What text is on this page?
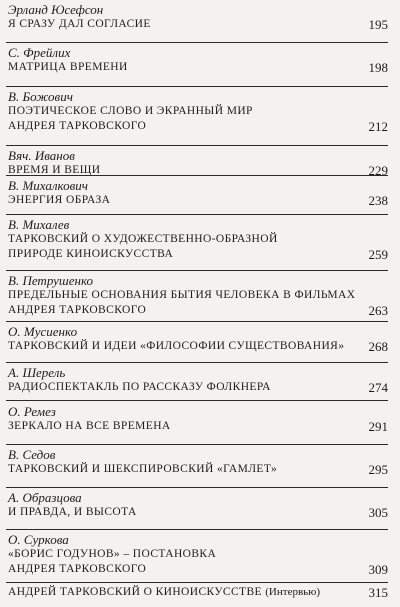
Эрланд Юсефсон
Я СРАЗУ ДАЛ СОГЛАСИЕ	195
С. Фрейлих
МАТРИЦА ВРЕМЕНИ	198
В. Божович
ПОЭТИЧЕСКОЕ СЛОВО И ЭКРАННЫЙ МИР
АНДРЕЯ ТАРКОВСКОГО	212
Вяч. Иванов
ВРЕМЯ И ВЕЩИ	229
В. Михалкович
ЭНЕРГИЯ ОБРАЗА	238
В. Михалев
ТАРКОВСКИЙ О ХУДОЖЕСТВЕННО-ОБРАЗНОЙ
ПРИРОДЕ КИНОИСКУССТВА	259
В. Петрушенко
ПРЕДЕЛЬНЫЕ ОСНОВАНИЯ БЫТИЯ ЧЕЛОВЕКА В ФИЛЬМАХ
АНДРЕЯ ТАРКОВСКОГО	263
О. Мусиенко
ТАРКОВСКИЙ И ИДЕИ «ФИЛОСОФИИ СУЩЕСТВОВАНИЯ»	268
А. Шерель
РАДИОСПЕКТАКЛЬ ПО РАССКАЗУ ФОЛКНЕРА	274
О. Ремез
ЗЕРКАЛО НА ВСЕ ВРЕМЕНА	291
В. Седов
ТАРКОВСКИЙ И ШЕКСПИРОВСКИЙ «ГАМЛЕТ»	295
А. Образцова
И ПРАВДА, И ВЫСОТА	305
О. Суркова
«БОРИС ГОДУНОВ» – ПОСТАНОВКА
АНДРЕЯ ТАРКОВСКОГО	309
АНДРЕЙ ТАРКОВСКИЙ О КИНОИСКУССТВЕ (Интервью)	315
